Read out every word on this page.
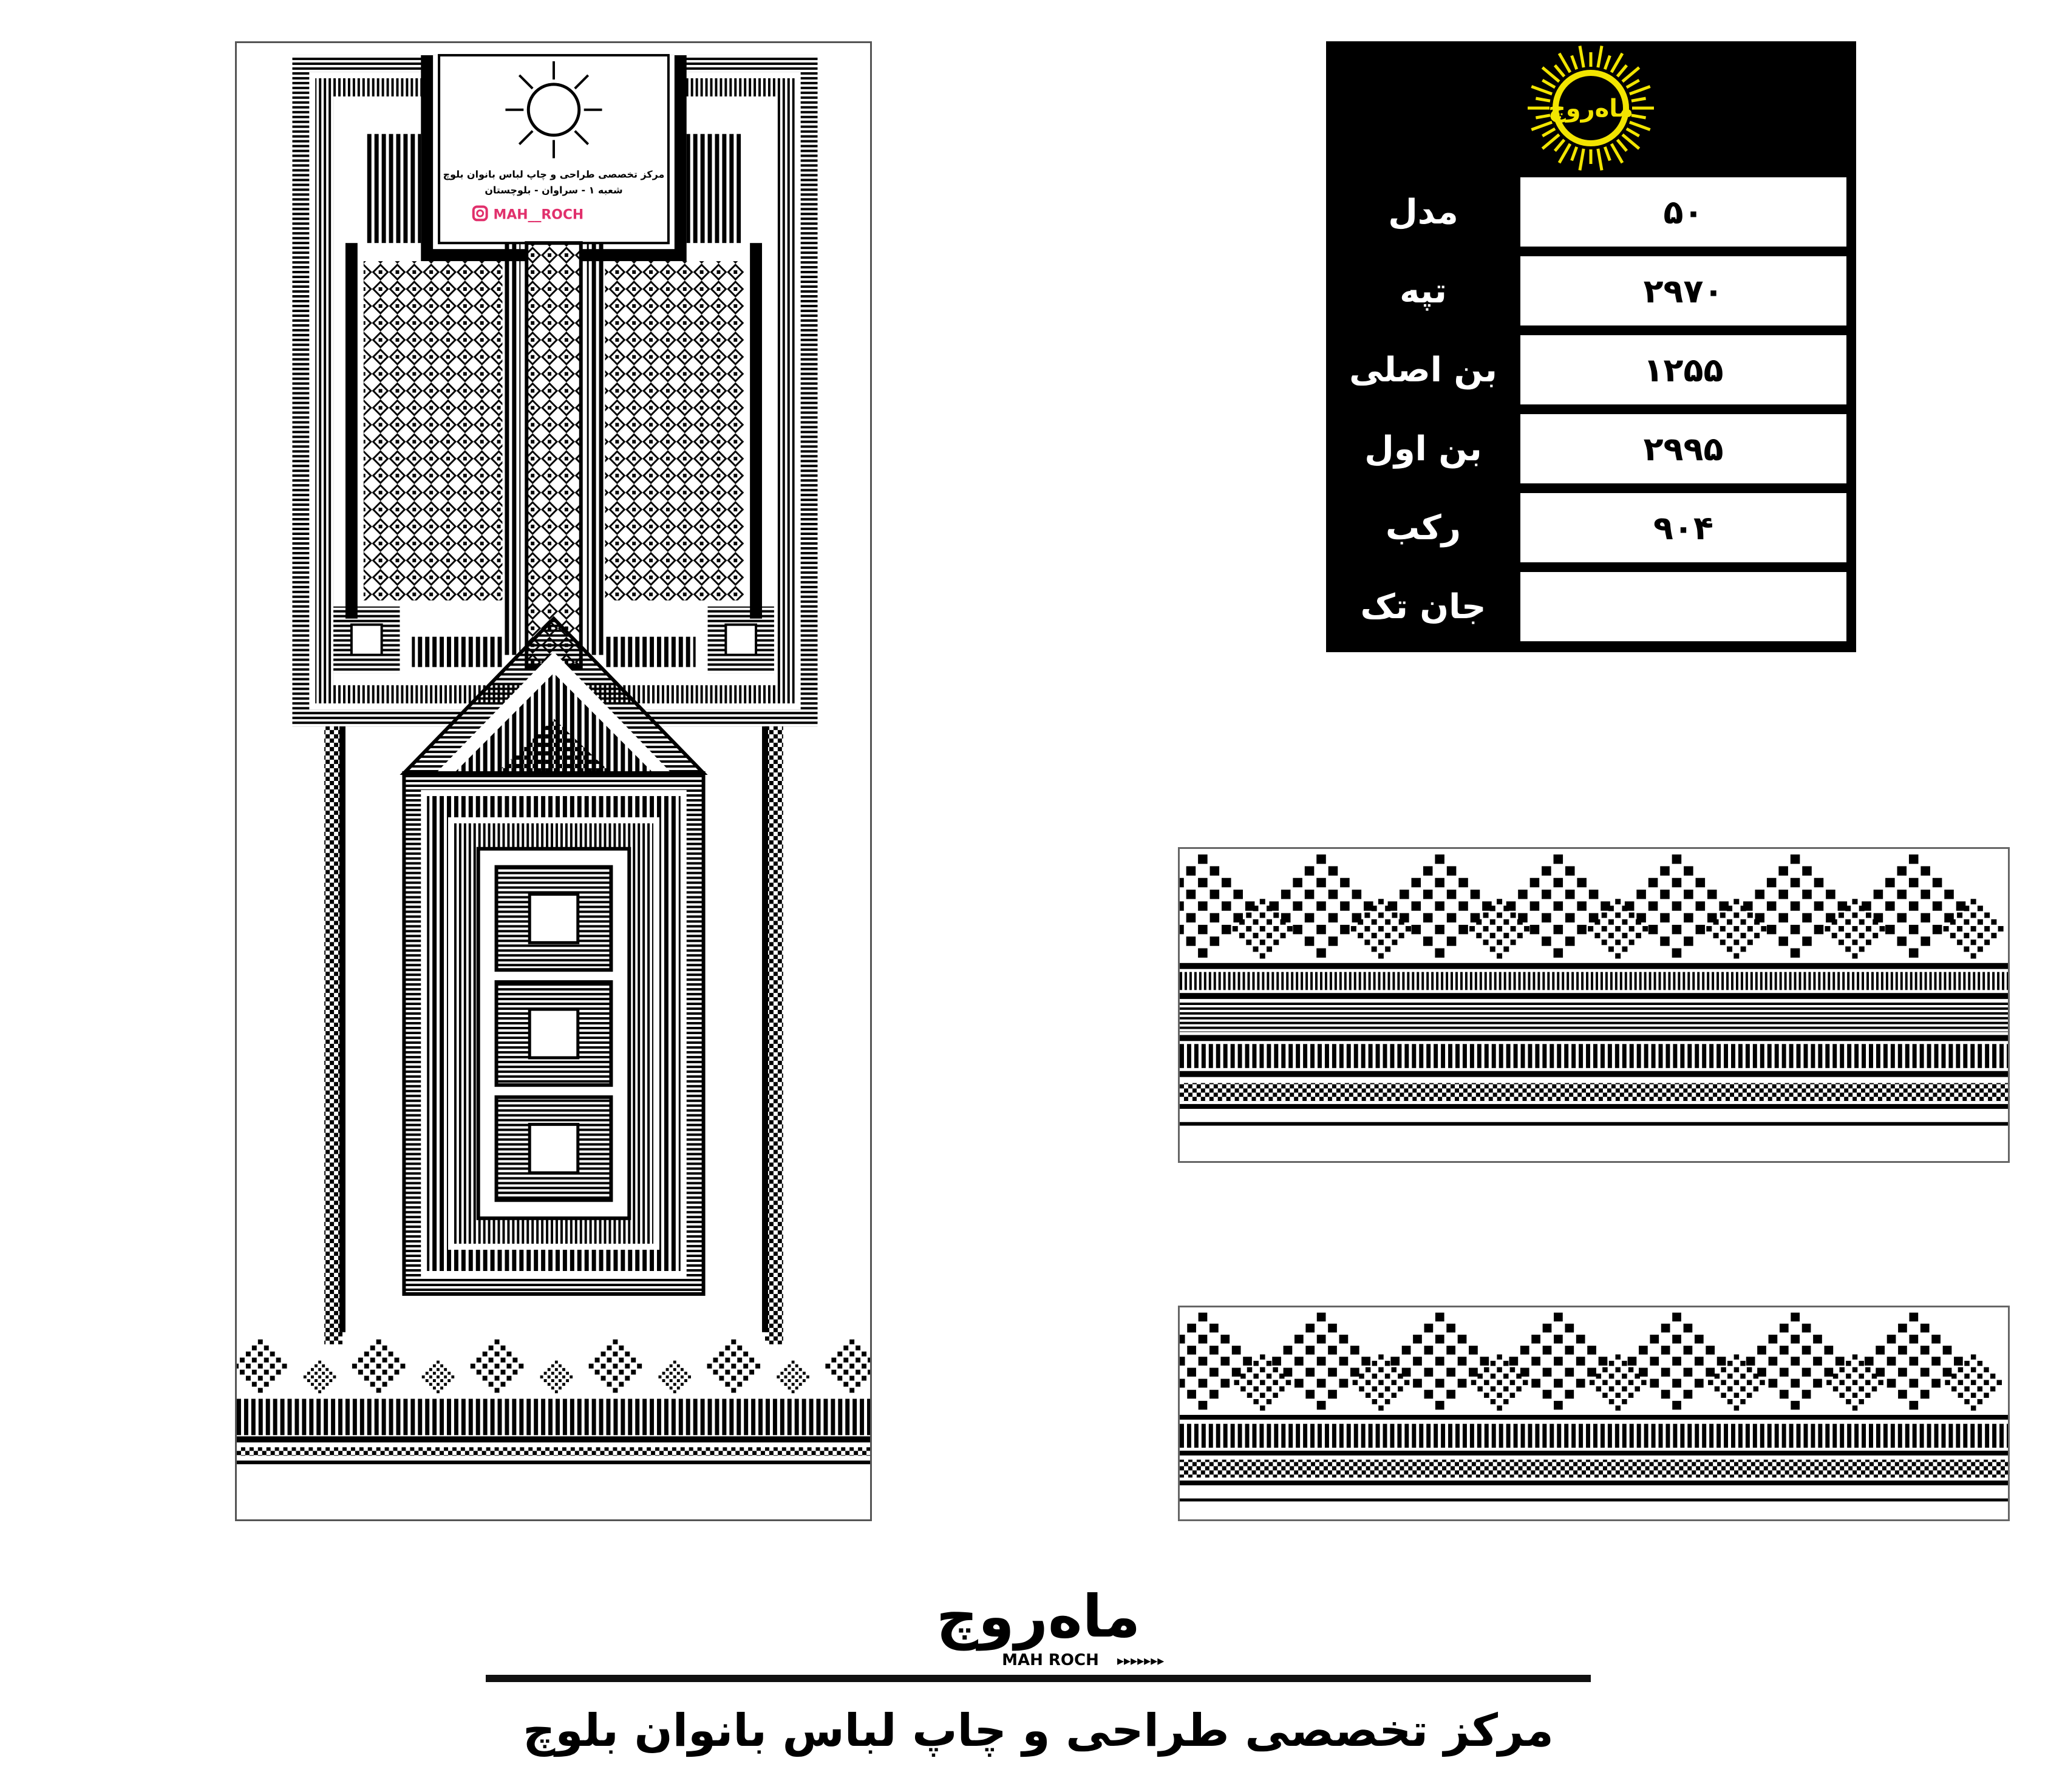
مرکز تخصصی طراحی و چاپ لباس بانوان بلوچ
شعبه ۱ - سراوان - بلوچستان
MAH__ROCH
ماه‌روچ
مدل	۵۰
تپه	۲۹۷۰
بن اصلی	۱۲۵۵
بن اول	۲۹۹۵
رکب	۹۰۴
جان تک
ماه‌روچ
MAH ROCH ▸▸▸▸▸▸▸
مرکز تخصصی طراحی و چاپ لباس بانوان بلوچ
